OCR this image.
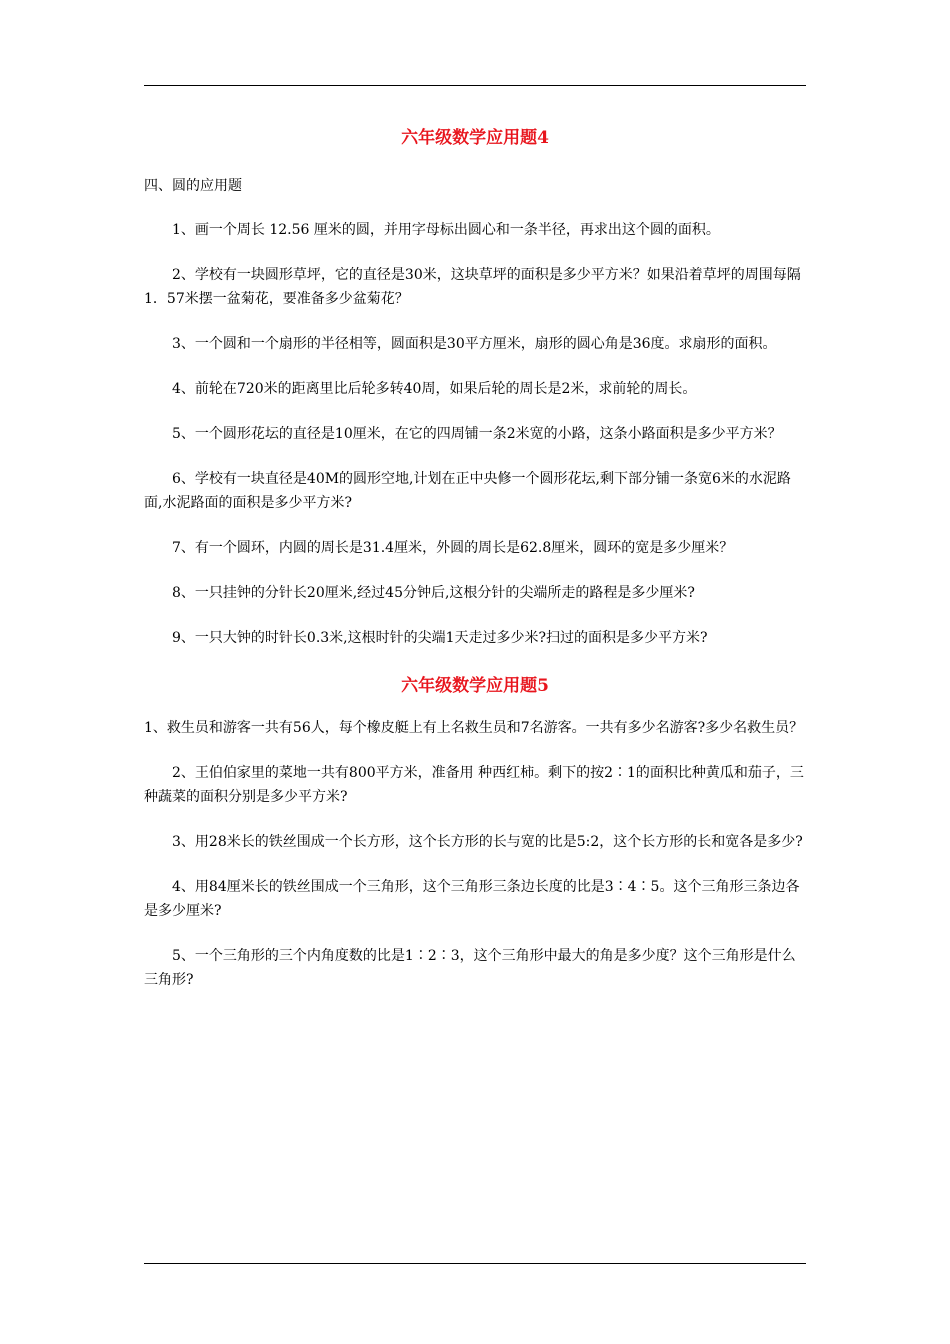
六年级数学应用题4

四、圆的应用题

1、画一个周长 12.56 厘米的圆，并用字母标出圆心和一条半径，再求出这个圆的面积。

2、学校有一块圆形草坪，它的直径是30米，这块草坪的面积是多少平方米？如果沿着草坪的周围每隔1．57米摆一盆菊花，要准备多少盆菊花？

3、一个圆和一个扇形的半径相等，圆面积是30平方厘米，扇形的圆心角是36度。求扇形的面积。

4、前轮在720米的距离里比后轮多转40周，如果后轮的周长是2米，求前轮的周长。

5、一个圆形花坛的直径是10厘米，在它的四周铺一条2米宽的小路，这条小路面积是多少平方米？

6、学校有一块直径是40M的圆形空地,计划在正中央修一个圆形花坛,剩下部分铺一条宽6米的水泥路面,水泥路面的面积是多少平方米?

7、有一个圆环，内圆的周长是31.4厘米，外圆的周长是62.8厘米，圆环的宽是多少厘米？

8、一只挂钟的分针长20厘米,经过45分钟后,这根分针的尖端所走的路程是多少厘米?

9、一只大钟的时针长0.3米,这根时针的尖端1天走过多少米?扫过的面积是多少平方米?

六年级数学应用题5

1、救生员和游客一共有56人，每个橡皮艇上有上名救生员和7名游客。一共有多少名游客?多少名救生员？

2、王伯伯家里的菜地一共有800平方米，准备用 种西红柿。剩下的按2∶1的面积比种黄瓜和茄子，三种蔬菜的面积分别是多少平方米?

3、用28米长的铁丝围成一个长方形，这个长方形的长与宽的比是5:2，这个长方形的长和宽各是多少?

4、用84厘米长的铁丝围成一个三角形，这个三角形三条边长度的比是3∶4∶5。这个三角形三条边各是多少厘米?

5、一个三角形的三个内角度数的比是1∶2∶3，这个三角形中最大的角是多少度？这个三角形是什么三角形?
